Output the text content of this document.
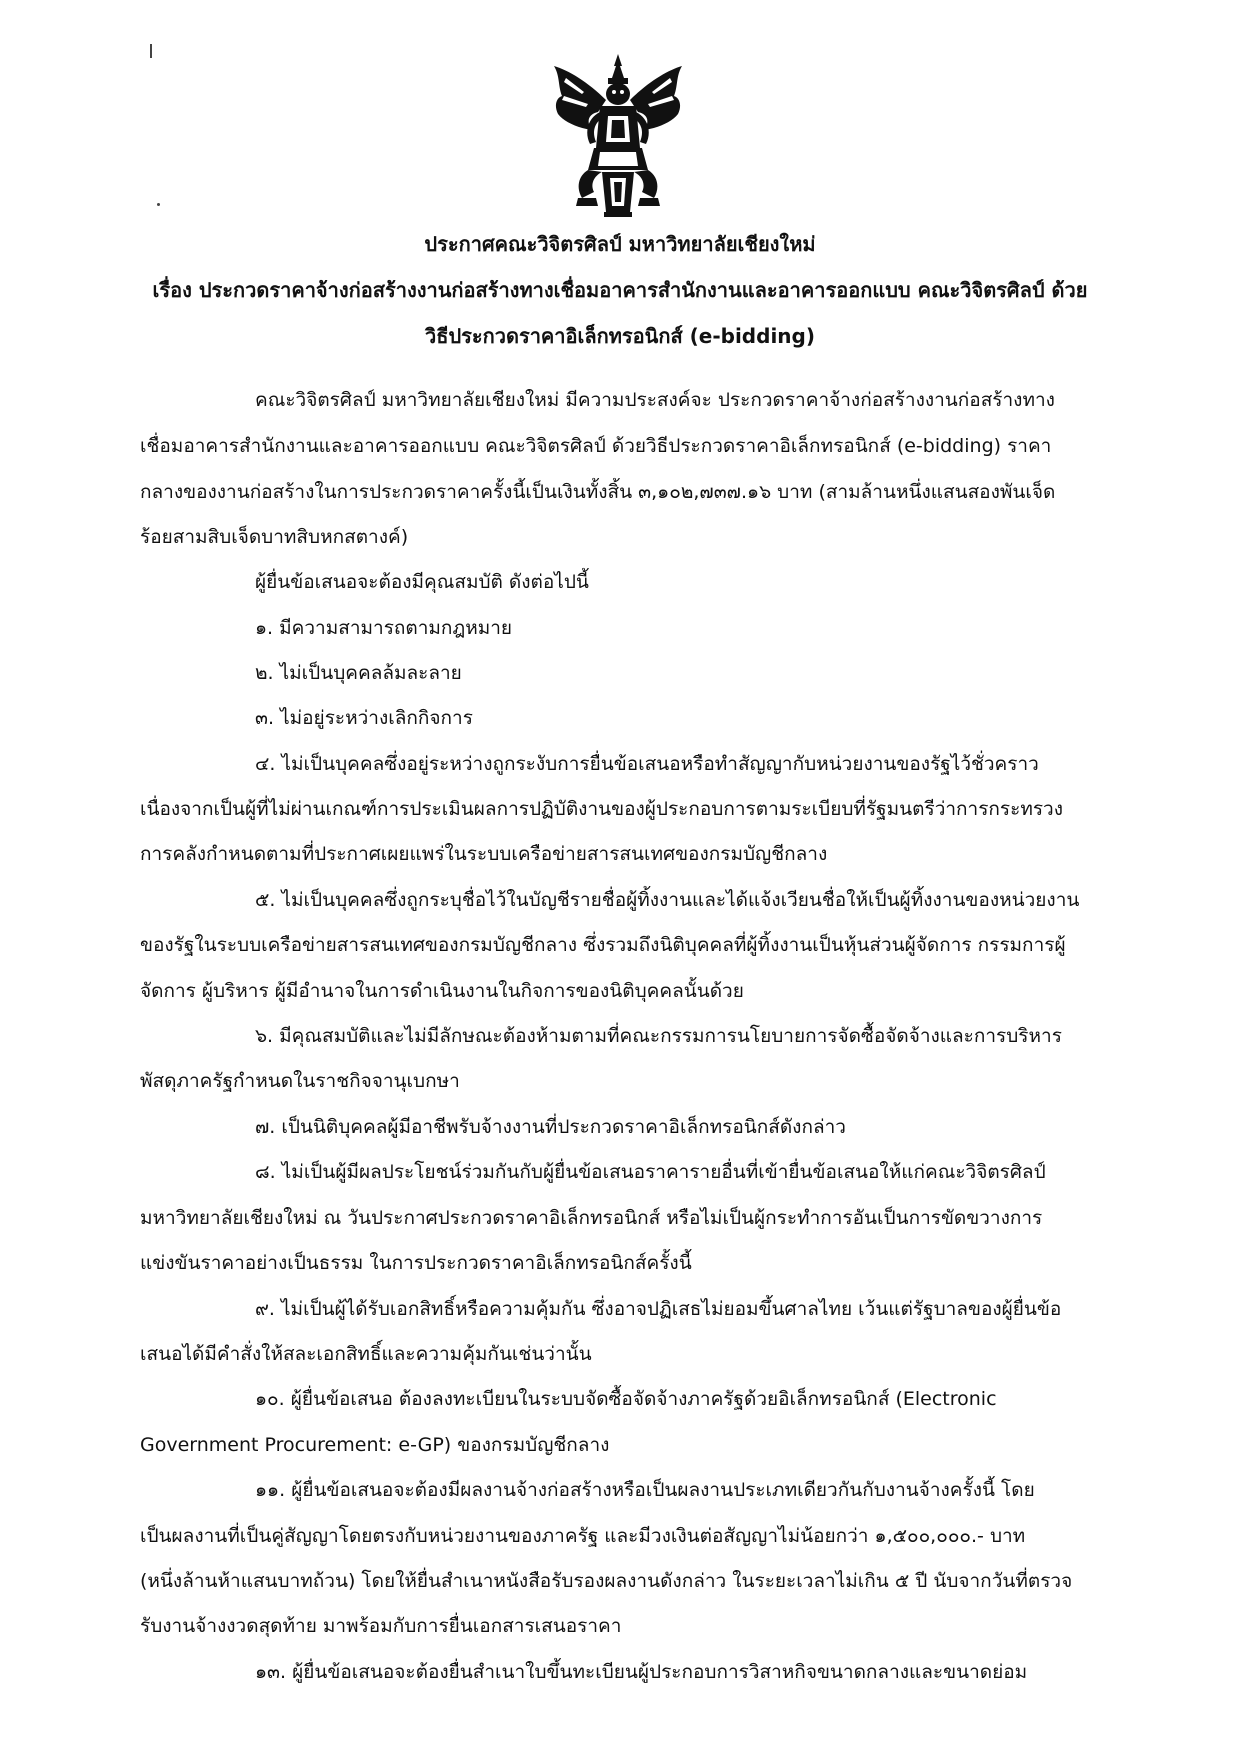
ประกาศคณะวิจิตรศิลป์ มหาวิทยาลัยเชียงใหม่
เรื่อง ประกวดราคาจ้างก่อสร้างงานก่อสร้างทางเชื่อมอาคารสำนักงานและอาคารออกแบบ คณะวิจิตรศิลป์ ด้วย
วิธีประกวดราคาอิเล็กทรอนิกส์ (e-bidding)
คณะวิจิตรศิลป์ มหาวิทยาลัยเชียงใหม่ มีความประสงค์จะ ประกวดราคาจ้างก่อสร้างงานก่อสร้างทาง
เชื่อมอาคารสำนักงานและอาคารออกแบบ คณะวิจิตรศิลป์ ด้วยวิธีประกวดราคาอิเล็กทรอนิกส์ (e-bidding) ราคา
กลางของงานก่อสร้างในการประกวดราคาครั้งนี้เป็นเงินทั้งสิ้น ๓,๑๐๒,๗๓๗.๑๖ บาท (สามล้านหนึ่งแสนสองพันเจ็ด
ร้อยสามสิบเจ็ดบาทสิบหกสตางค์)
ผู้ยื่นข้อเสนอจะต้องมีคุณสมบัติ ดังต่อไปนี้
๑. มีความสามารถตามกฎหมาย
๒. ไม่เป็นบุคคลล้มละลาย
๓. ไม่อยู่ระหว่างเลิกกิจการ
๔. ไม่เป็นบุคคลซึ่งอยู่ระหว่างถูกระงับการยื่นข้อเสนอหรือทำสัญญากับหน่วยงานของรัฐไว้ชั่วคราว
เนื่องจากเป็นผู้ที่ไม่ผ่านเกณฑ์การประเมินผลการปฏิบัติงานของผู้ประกอบการตามระเบียบที่รัฐมนตรีว่าการกระทรวง
การคลังกำหนดตามที่ประกาศเผยแพร่ในระบบเครือข่ายสารสนเทศของกรมบัญชีกลาง
๕. ไม่เป็นบุคคลซึ่งถูกระบุชื่อไว้ในบัญชีรายชื่อผู้ทิ้งงานและได้แจ้งเวียนชื่อให้เป็นผู้ทิ้งงานของหน่วยงาน
ของรัฐในระบบเครือข่ายสารสนเทศของกรมบัญชีกลาง ซึ่งรวมถึงนิติบุคคลที่ผู้ทิ้งงานเป็นหุ้นส่วนผู้จัดการ กรรมการผู้
จัดการ ผู้บริหาร ผู้มีอำนาจในการดำเนินงานในกิจการของนิติบุคคลนั้นด้วย
๖. มีคุณสมบัติและไม่มีลักษณะต้องห้ามตามที่คณะกรรมการนโยบายการจัดซื้อจัดจ้างและการบริหาร
พัสดุภาครัฐกำหนดในราชกิจจานุเบกษา
๗. เป็นนิติบุคคลผู้มีอาชีพรับจ้างงานที่ประกวดราคาอิเล็กทรอนิกส์ดังกล่าว
๘. ไม่เป็นผู้มีผลประโยชน์ร่วมกันกับผู้ยื่นข้อเสนอราคารายอื่นที่เข้ายื่นข้อเสนอให้แก่คณะวิจิตรศิลป์
มหาวิทยาลัยเชียงใหม่ ณ วันประกาศประกวดราคาอิเล็กทรอนิกส์ หรือไม่เป็นผู้กระทำการอันเป็นการขัดขวางการ
แข่งขันราคาอย่างเป็นธรรม ในการประกวดราคาอิเล็กทรอนิกส์ครั้งนี้
๙. ไม่เป็นผู้ได้รับเอกสิทธิ์หรือความคุ้มกัน ซึ่งอาจปฏิเสธไม่ยอมขึ้นศาลไทย เว้นแต่รัฐบาลของผู้ยื่นข้อ
เสนอได้มีคำสั่งให้สละเอกสิทธิ์และความคุ้มกันเช่นว่านั้น
๑๐. ผู้ยื่นข้อเสนอ ต้องลงทะเบียนในระบบจัดซื้อจัดจ้างภาครัฐด้วยอิเล็กทรอนิกส์ (Electronic
Government Procurement: e-GP) ของกรมบัญชีกลาง
๑๑. ผู้ยื่นข้อเสนอจะต้องมีผลงานจ้างก่อสร้างหรือเป็นผลงานประเภทเดียวกันกับงานจ้างครั้งนี้ โดย
เป็นผลงานที่เป็นคู่สัญญาโดยตรงกับหน่วยงานของภาครัฐ และมีวงเงินต่อสัญญาไม่น้อยกว่า ๑,๕๐๐,๐๐๐.- บาท
(หนึ่งล้านห้าแสนบาทถ้วน) โดยให้ยื่นสำเนาหนังสือรับรองผลงานดังกล่าว ในระยะเวลาไม่เกิน ๕ ปี นับจากวันที่ตรวจ
รับงานจ้างงวดสุดท้าย มาพร้อมกับการยื่นเอกสารเสนอราคา
๑๓. ผู้ยื่นข้อเสนอจะต้องยื่นสำเนาใบขึ้นทะเบียนผู้ประกอบการวิสาหกิจขนาดกลางและขนาดย่อม
